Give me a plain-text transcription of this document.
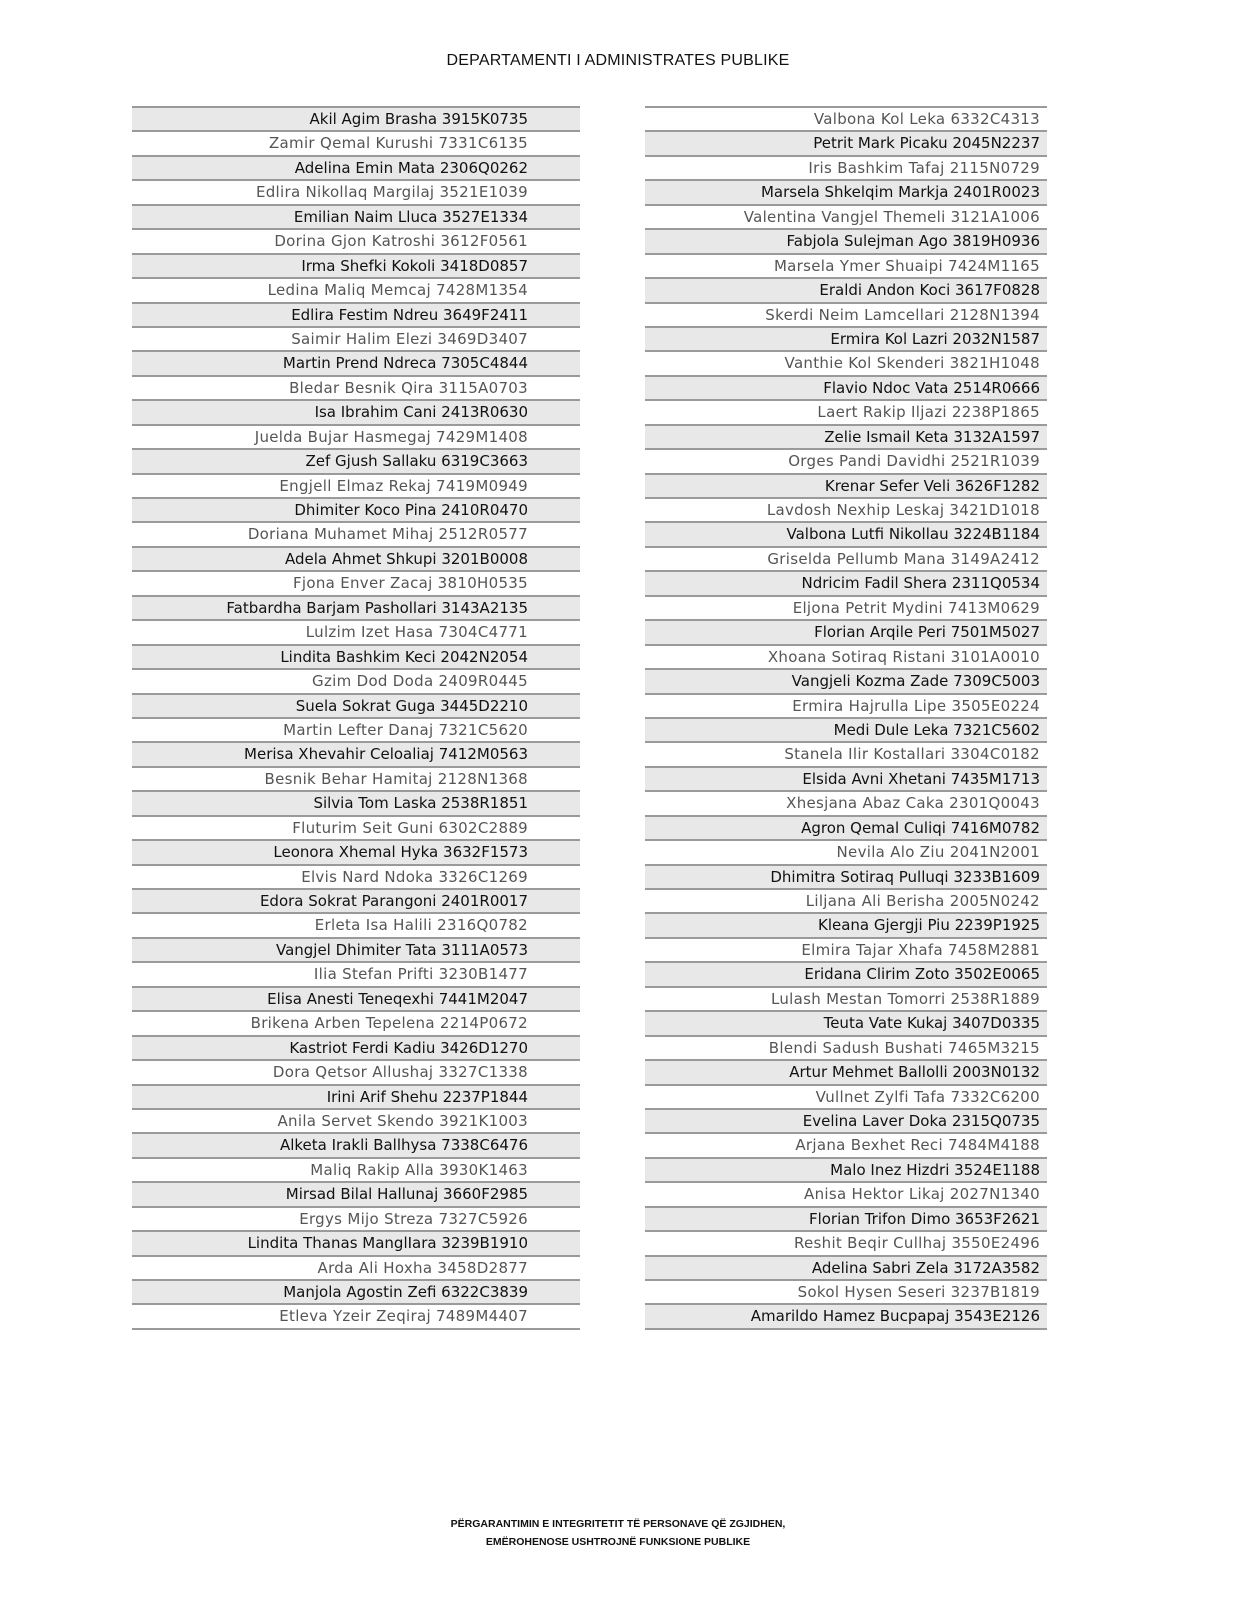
DEPARTAMENTI I ADMINISTRATES PUBLIKE
Akil Agim Brasha 3915K0735
Zamir Qemal Kurushi 7331C6135
Adelina Emin Mata 2306Q0262
Edlira Nikollaq Margilaj 3521E1039
Emilian Naim Lluca 3527E1334
Dorina Gjon Katroshi 3612F0561
Irma Shefki Kokoli 3418D0857
Ledina Maliq Memcaj 7428M1354
Edlira Festim Ndreu 3649F2411
Saimir Halim Elezi 3469D3407
Martin Prend Ndreca 7305C4844
Bledar Besnik Qira 3115A0703
Isa Ibrahim Cani 2413R0630
Juelda Bujar Hasmegaj 7429M1408
Zef Gjush Sallaku 6319C3663
Engjell Elmaz Rekaj 7419M0949
Dhimiter Koco Pina 2410R0470
Doriana Muhamet Mihaj 2512R0577
Adela Ahmet Shkupi 3201B0008
Fjona Enver Zacaj 3810H0535
Fatbardha Barjam Pashollari 3143A2135
Lulzim Izet Hasa 7304C4771
Lindita Bashkim Keci 2042N2054
Gzim Dod Doda 2409R0445
Suela Sokrat Guga 3445D2210
Martin Lefter Danaj 7321C5620
Merisa Xhevahir Celoaliaj 7412M0563
Besnik Behar Hamitaj 2128N1368
Silvia Tom Laska 2538R1851
Fluturim Seit Guni 6302C2889
Leonora Xhemal Hyka 3632F1573
Elvis Nard Ndoka 3326C1269
Edora Sokrat Parangoni 2401R0017
Erleta Isa Halili 2316Q0782
Vangjel Dhimiter Tata 3111A0573
Ilia Stefan Prifti 3230B1477
Elisa Anesti Teneqexhi 7441M2047
Brikena Arben Tepelena 2214P0672
Kastriot Ferdi Kadiu 3426D1270
Dora Qetsor Allushaj 3327C1338
Irini Arif Shehu 2237P1844
Anila Servet Skendo 3921K1003
Alketa Irakli Ballhysa 7338C6476
Maliq Rakip Alla 3930K1463
Mirsad Bilal Hallunaj 3660F2985
Ergys Mijo Streza 7327C5926
Lindita Thanas ManglIara 3239B1910
Arda Ali Hoxha 3458D2877
Manjola Agostin Zefi 6322C3839
Etleva Yzeir Zeqiraj 7489M4407
Valbona Kol Leka 6332C4313
Petrit Mark Picaku 2045N2237
Iris Bashkim Tafaj 2115N0729
Marsela Shkelqim Markja 2401R0023
Valentina Vangjel Themeli 3121A1006
Fabjola Sulejman Ago 3819H0936
Marsela Ymer Shuaipi 7424M1165
Eraldi Andon Koci 3617F0828
Skerdi Neim Lamcellari 2128N1394
Ermira Kol Lazri 2032N1587
Vanthie Kol Skenderi 3821H1048
Flavio Ndoc Vata 2514R0666
Laert Rakip Iljazi 2238P1865
Zelie Ismail Keta 3132A1597
Orges Pandi Davidhi 2521R1039
Krenar Sefer Veli 3626F1282
Lavdosh Nexhip Leskaj 3421D1018
Valbona Lutfi Nikollau 3224B1184
Griselda Pellumb Mana 3149A2412
Ndricim Fadil Shera 2311Q0534
Eljona Petrit Mydini 7413M0629
Florian Arqile Peri 7501M5027
Xhoana Sotiraq Ristani 3101A0010
Vangjeli Kozma Zade 7309C5003
Ermira Hajrulla Lipe 3505E0224
Medi Dule Leka 7321C5602
Stanela Ilir Kostallari 3304C0182
Elsida Avni Xhetani 7435M1713
Xhesjana Abaz Caka 2301Q0043
Agron Qemal Culiqi 7416M0782
Nevila Alo Ziu 2041N2001
Dhimitra Sotiraq Pulluqi 3233B1609
Liljana Ali Berisha 2005N0242
Kleana Gjergji Piu 2239P1925
Elmira Tajar Xhafa 7458M2881
Eridana Clirim Zoto 3502E0065
Lulash Mestan Tomorri 2538R1889
Teuta Vate Kukaj 3407D0335
Blendi Sadush Bushati 7465M3215
Artur Mehmet Ballolli 2003N0132
Vullnet Zylfi Tafa 7332C6200
Evelina Laver Doka 2315Q0735
Arjana Bexhet Reci 7484M4188
Malo Inez Hizdri 3524E1188
Anisa Hektor Likaj 2027N1340
Florian Trifon Dimo 3653F2621
Reshit Beqir Cullhaj 3550E2496
Adelina Sabri Zela 3172A3582
Sokol Hysen Seseri 3237B1819
Amarildo Hamez Bucpapaj 3543E2126
PËRGARANTIMIN E INTEGRITETIT TË PERSONAVE QË ZGJIDHEN,
EMËROHENOSE USHTROJNË FUNKSIONE PUBLIKE
